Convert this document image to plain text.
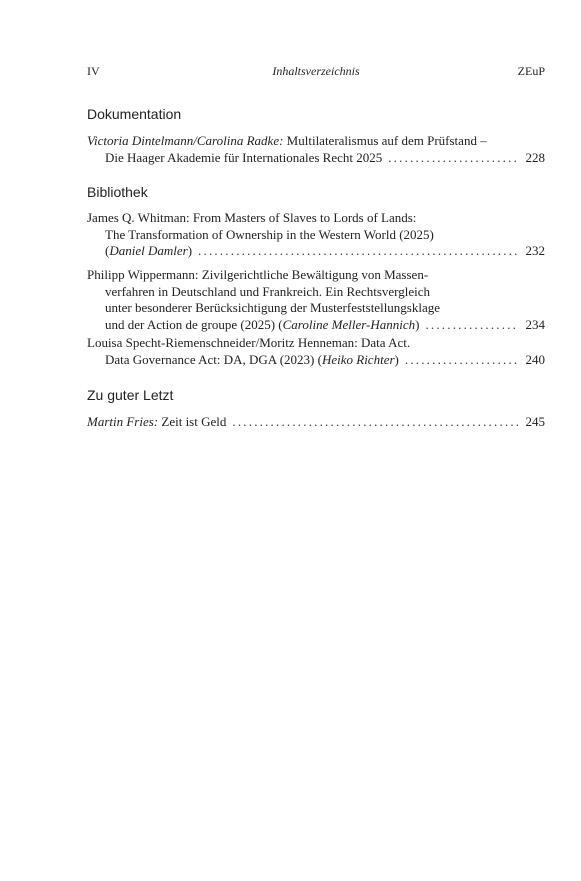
IV	Inhaltsverzeichnis	ZEuP
Dokumentation
Victoria Dintelmann/Carolina Radke: Multilateralismus auf dem Prüfstand –
Die Haager Akademie für Internationales Recht 2025 .....	228
Bibliothek
James Q. Whitman: From Masters of Slaves to Lords of Lands:
The Transformation of Ownership in the Western World (2025)
(Daniel Damler) .....	232
Philipp Wippermann: Zivilgerichtliche Bewältigung von Massen-
verfahren in Deutschland und Frankreich. Ein Rechtsvergleich
unter besonderer Berücksichtigung der Musterfeststellungsklage
und der Action de groupe (2025) (Caroline Meller-Hannich) .....	234
Louisa Specht-Riemenschneider/Moritz Henneman: Data Act.
Data Governance Act: DA, DGA (2023) (Heiko Richter) .....	240
Zu guter Letzt
Martin Fries: Zeit ist Geld .....	245
